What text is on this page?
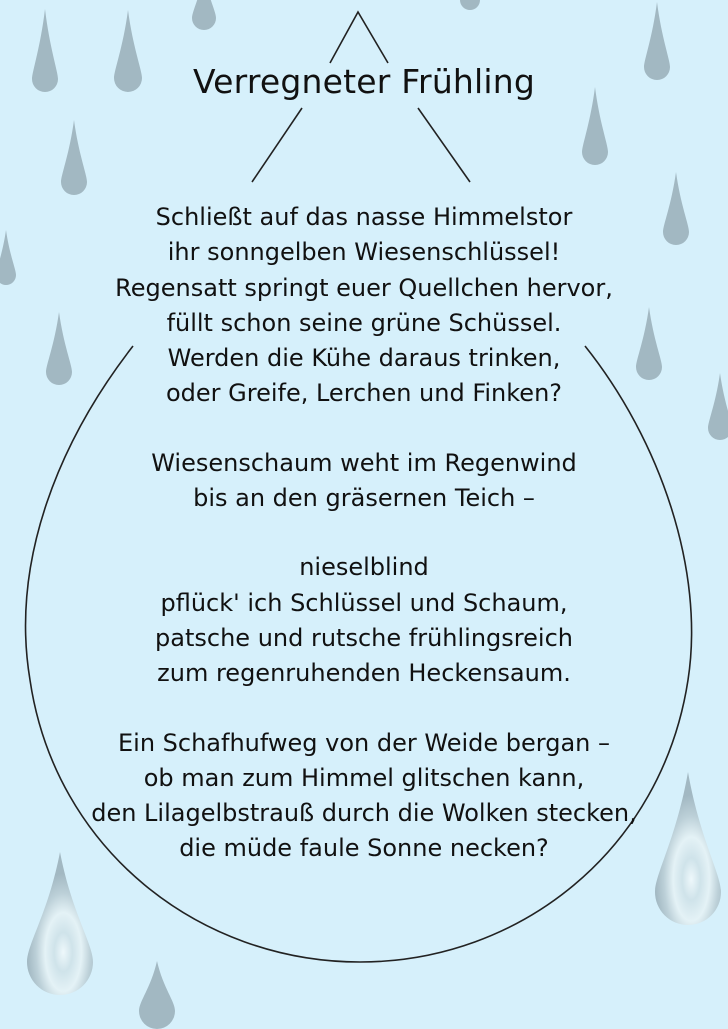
Verregneter Frühling
Schließt auf das nasse Himmelstor
ihr sonngelben Wiesenschlüssel!
Regensatt springt euer Quellchen hervor,
füllt schon seine grüne Schüssel.
Werden die Kühe daraus trinken,
oder Greife, Lerchen und Finken?
Wiesenschaum weht im Regenwind
bis an den gräsernen Teich –
nieselblind
pflück' ich Schlüssel und Schaum,
patsche und rutsche frühlingsreich
zum regenruhenden Heckensaum.
Ein Schafhufweg von der Weide bergan –
ob man zum Himmel glitschen kann,
den Lilagelbstrauß durch die Wolken stecken,
die müde faule Sonne necken?
